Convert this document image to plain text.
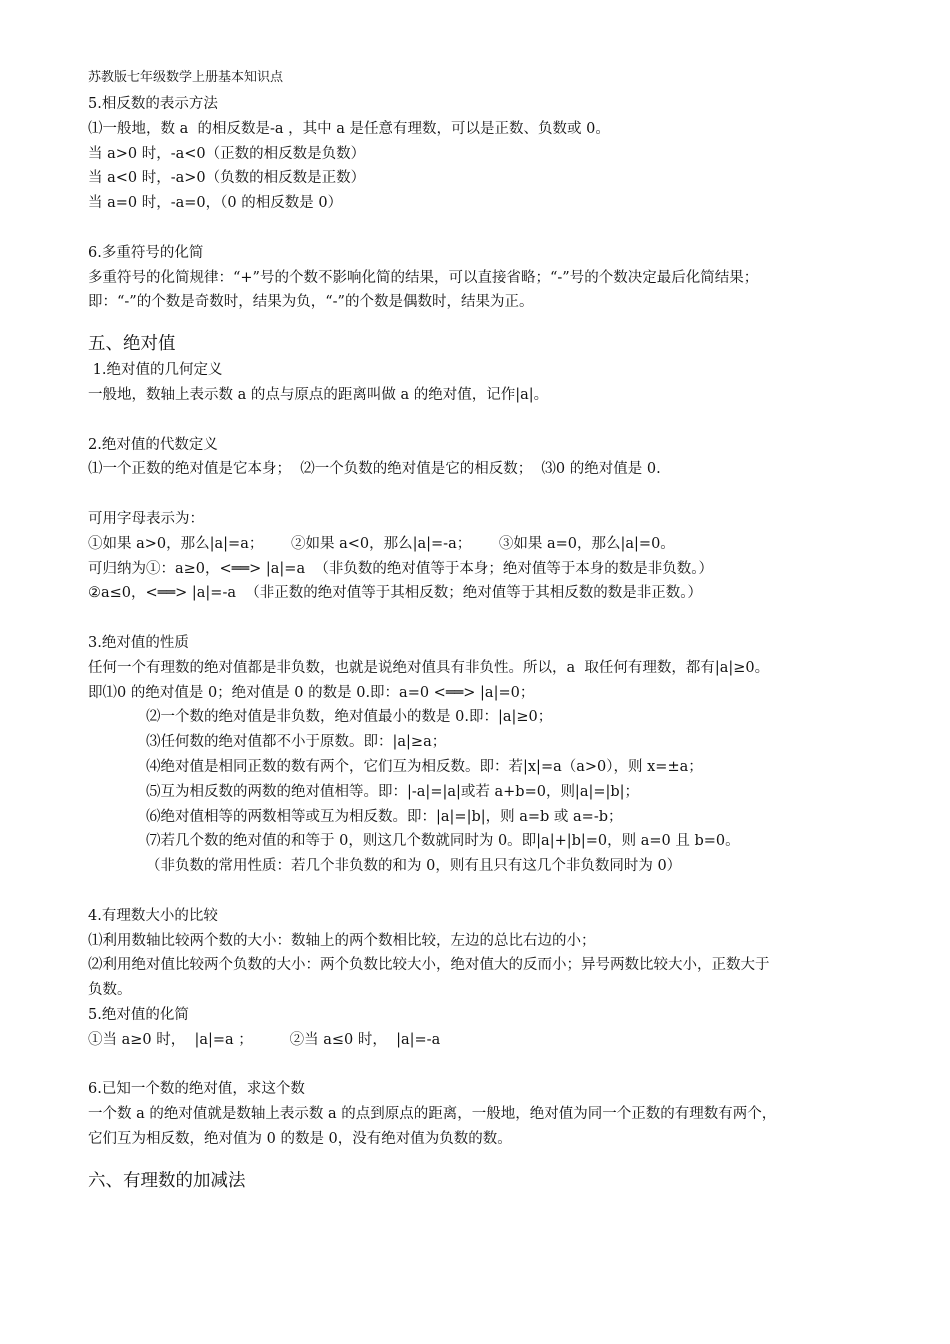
苏教版七年级数学上册基本知识点
5.相反数的表示方法
⑴一般地，数 a  的相反数是-a ，其中 a 是任意有理数，可以是正数、负数或 0。
当 a>0 时，-a<0（正数的相反数是负数）
当 a<0 时，-a>0（负数的相反数是正数）
当 a=0 时，-a=0，（0 的相反数是 0）
6.多重符号的化简
多重符号的化简规律：“+”号的个数不影响化简的结果，可以直接省略；“-”号的个数决定最后化简结果；
即：“-”的个数是奇数时，结果为负，“-”的个数是偶数时，结果为正。
五、绝对值
1.绝对值的几何定义
一般地，数轴上表示数 a 的点与原点的距离叫做 a 的绝对值，记作|a|。
2.绝对值的代数定义
⑴一个正数的绝对值是它本身；  ⑵一个负数的绝对值是它的相反数；  ⑶0 的绝对值是 0.
可用字母表示为：
①如果 a>0，那么|a|=a；      ②如果 a<0，那么|a|=-a；      ③如果 a=0，那么|a|=0。
可归纳为①：a≥0，<══> |a|=a  （非负数的绝对值等于本身；绝对值等于本身的数是非负数。）
②a≤0，<══> |a|=-a  （非正数的绝对值等于其相反数；绝对值等于其相反数的数是非正数。）
3.绝对值的性质
任何一个有理数的绝对值都是非负数，也就是说绝对值具有非负性。所以，a  取任何有理数，都有|a|≥0。
即⑴0 的绝对值是 0；绝对值是 0 的数是 0.即：a=0 <══> |a|=0；
⑵一个数的绝对值是非负数，绝对值最小的数是 0.即：|a|≥0；
⑶任何数的绝对值都不小于原数。即：|a|≥a；
⑷绝对值是相同正数的数有两个，它们互为相反数。即：若|x|=a（a>0），则 x=±a；
⑸互为相反数的两数的绝对值相等。即：|-a|=|a|或若 a+b=0，则|a|=|b|；
⑹绝对值相等的两数相等或互为相反数。即：|a|=|b|，则 a=b 或 a=-b；
⑺若几个数的绝对值的和等于 0，则这几个数就同时为 0。即|a|+|b|=0，则 a=0 且 b=0。
（非负数的常用性质：若几个非负数的和为 0，则有且只有这几个非负数同时为 0）
4.有理数大小的比较
⑴利用数轴比较两个数的大小：数轴上的两个数相比较，左边的总比右边的小；
⑵利用绝对值比较两个负数的大小：两个负数比较大小，绝对值大的反而小；异号两数比较大小，正数大于
负数。
5.绝对值的化简
①当 a≥0 时，  |a|=a ；        ②当 a≤0 时，  |a|=-a
6.已知一个数的绝对值，求这个数
一个数 a 的绝对值就是数轴上表示数 a 的点到原点的距离，一般地，绝对值为同一个正数的有理数有两个，
它们互为相反数，绝对值为 0 的数是 0，没有绝对值为负数的数。
六、有理数的加减法
